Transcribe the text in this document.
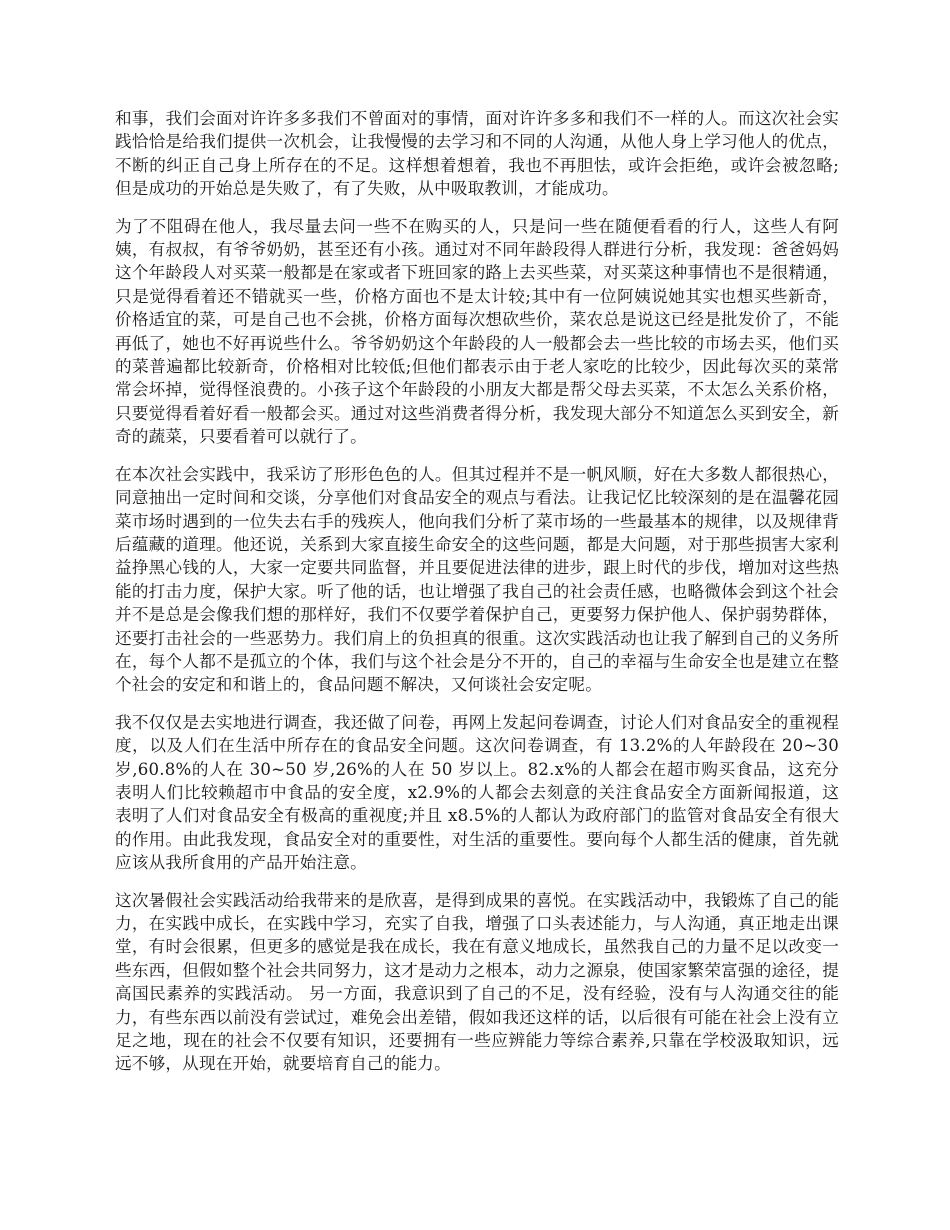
和事，我们会面对许许多多我们不曾面对的事情，面对许许多多和我们不一样的人。而这次社会实践恰恰是给我们提供一次机会，让我慢慢的去学习和不同的人沟通，从他人身上学习他人的优点，不断的纠正自己身上所存在的不足。这样想着想着，我也不再胆怯，或许会拒绝，或许会被忽略;但是成功的开始总是失败了，有了失败，从中吸取教训，才能成功。

为了不阻碍在他人，我尽量去问一些不在购买的人，只是问一些在随便看看的行人，这些人有阿姨，有叔叔，有爷爷奶奶，甚至还有小孩。通过对不同年龄段得人群进行分析，我发现：爸爸妈妈这个年龄段人对买菜一般都是在家或者下班回家的路上去买些菜，对买菜这种事情也不是很精通，只是觉得看着还不错就买一些，价格方面也不是太计较;其中有一位阿姨说她其实也想买些新奇，价格适宜的菜，可是自己也不会挑，价格方面每次想砍些价，菜农总是说这已经是批发价了，不能再低了，她也不好再说些什么。爷爷奶奶这个年龄段的人一般都会去一些比较的市场去买，他们买的菜普遍都比较新奇，价格相对比较低;但他们都表示由于老人家吃的比较少，因此每次买的菜常常会坏掉，觉得怪浪费的。小孩子这个年龄段的小朋友大都是帮父母去买菜，不太怎么关系价格，只要觉得看着好看一般都会买。通过对这些消费者得分析，我发现大部分不知道怎么买到安全，新奇的蔬菜，只要看着可以就行了。

在本次社会实践中，我采访了形形色色的人。但其过程并不是一帆风顺，好在大多数人都很热心，同意抽出一定时间和交谈，分享他们对食品安全的观点与看法。让我记忆比较深刻的是在温馨花园菜市场时遇到的一位失去右手的残疾人，他向我们分析了菜市场的一些最基本的规律，以及规律背后蕴藏的道理。他还说，关系到大家直接生命安全的这些问题，都是大问题，对于那些损害大家利益挣黑心钱的人，大家一定要共同监督，并且要促进法律的进步，跟上时代的步伐，增加对这些热能的打击力度，保护大家。听了他的话，也让增强了我自己的社会责任感，也略微体会到这个社会并不是总是会像我们想的那样好，我们不仅要学着保护自己，更要努力保护他人、保护弱势群体，还要打击社会的一些恶势力。我们肩上的负担真的很重。这次实践活动也让我了解到自己的义务所在，每个人都不是孤立的个体，我们与这个社会是分不开的，自己的幸福与生命安全也是建立在整个社会的安定和和谐上的，食品问题不解决，又何谈社会安定呢。

我不仅仅是去实地进行调查，我还做了问卷，再网上发起问卷调查，讨论人们对食品安全的重视程度，以及人们在生活中所存在的食品安全问题。这次问卷调查，有 13.2%的人年龄段在 20~30 岁,60.8%的人在 30~50 岁,26%的人在 50 岁以上。82.x%的人都会在超市购买食品，这充分表明人们比较赖超市中食品的安全度，x2.9%的人都会去刻意的关注食品安全方面新闻报道，这表明了人们对食品安全有极高的重视度;并且 x8.5%的人都认为政府部门的监管对食品安全有很大的作用。由此我发现，食品安全对的重要性，对生活的重要性。要向每个人都生活的健康，首先就应该从我所食用的产品开始注意。

这次暑假社会实践活动给我带来的是欣喜，是得到成果的喜悦。在实践活动中，我锻炼了自己的能力，在实践中成长，在实践中学习，充实了自我，增强了口头表述能力，与人沟通，真正地走出课堂，有时会很累，但更多的感觉是我在成长，我在有意义地成长，虽然我自己的力量不足以改变一些东西，但假如整个社会共同努力，这才是动力之根本，动力之源泉，使国家繁荣富强的途径，提高国民素养的实践活动。 另一方面，我意识到了自己的不足，没有经验，没有与人沟通交往的能力，有些东西以前没有尝试过，难免会出差错，假如我还这样的话，以后很有可能在社会上没有立足之地，现在的社会不仅要有知识，还要拥有一些应辨能力等综合素养,只靠在学校汲取知识，远远不够，从现在开始，就要培育自己的能力。
